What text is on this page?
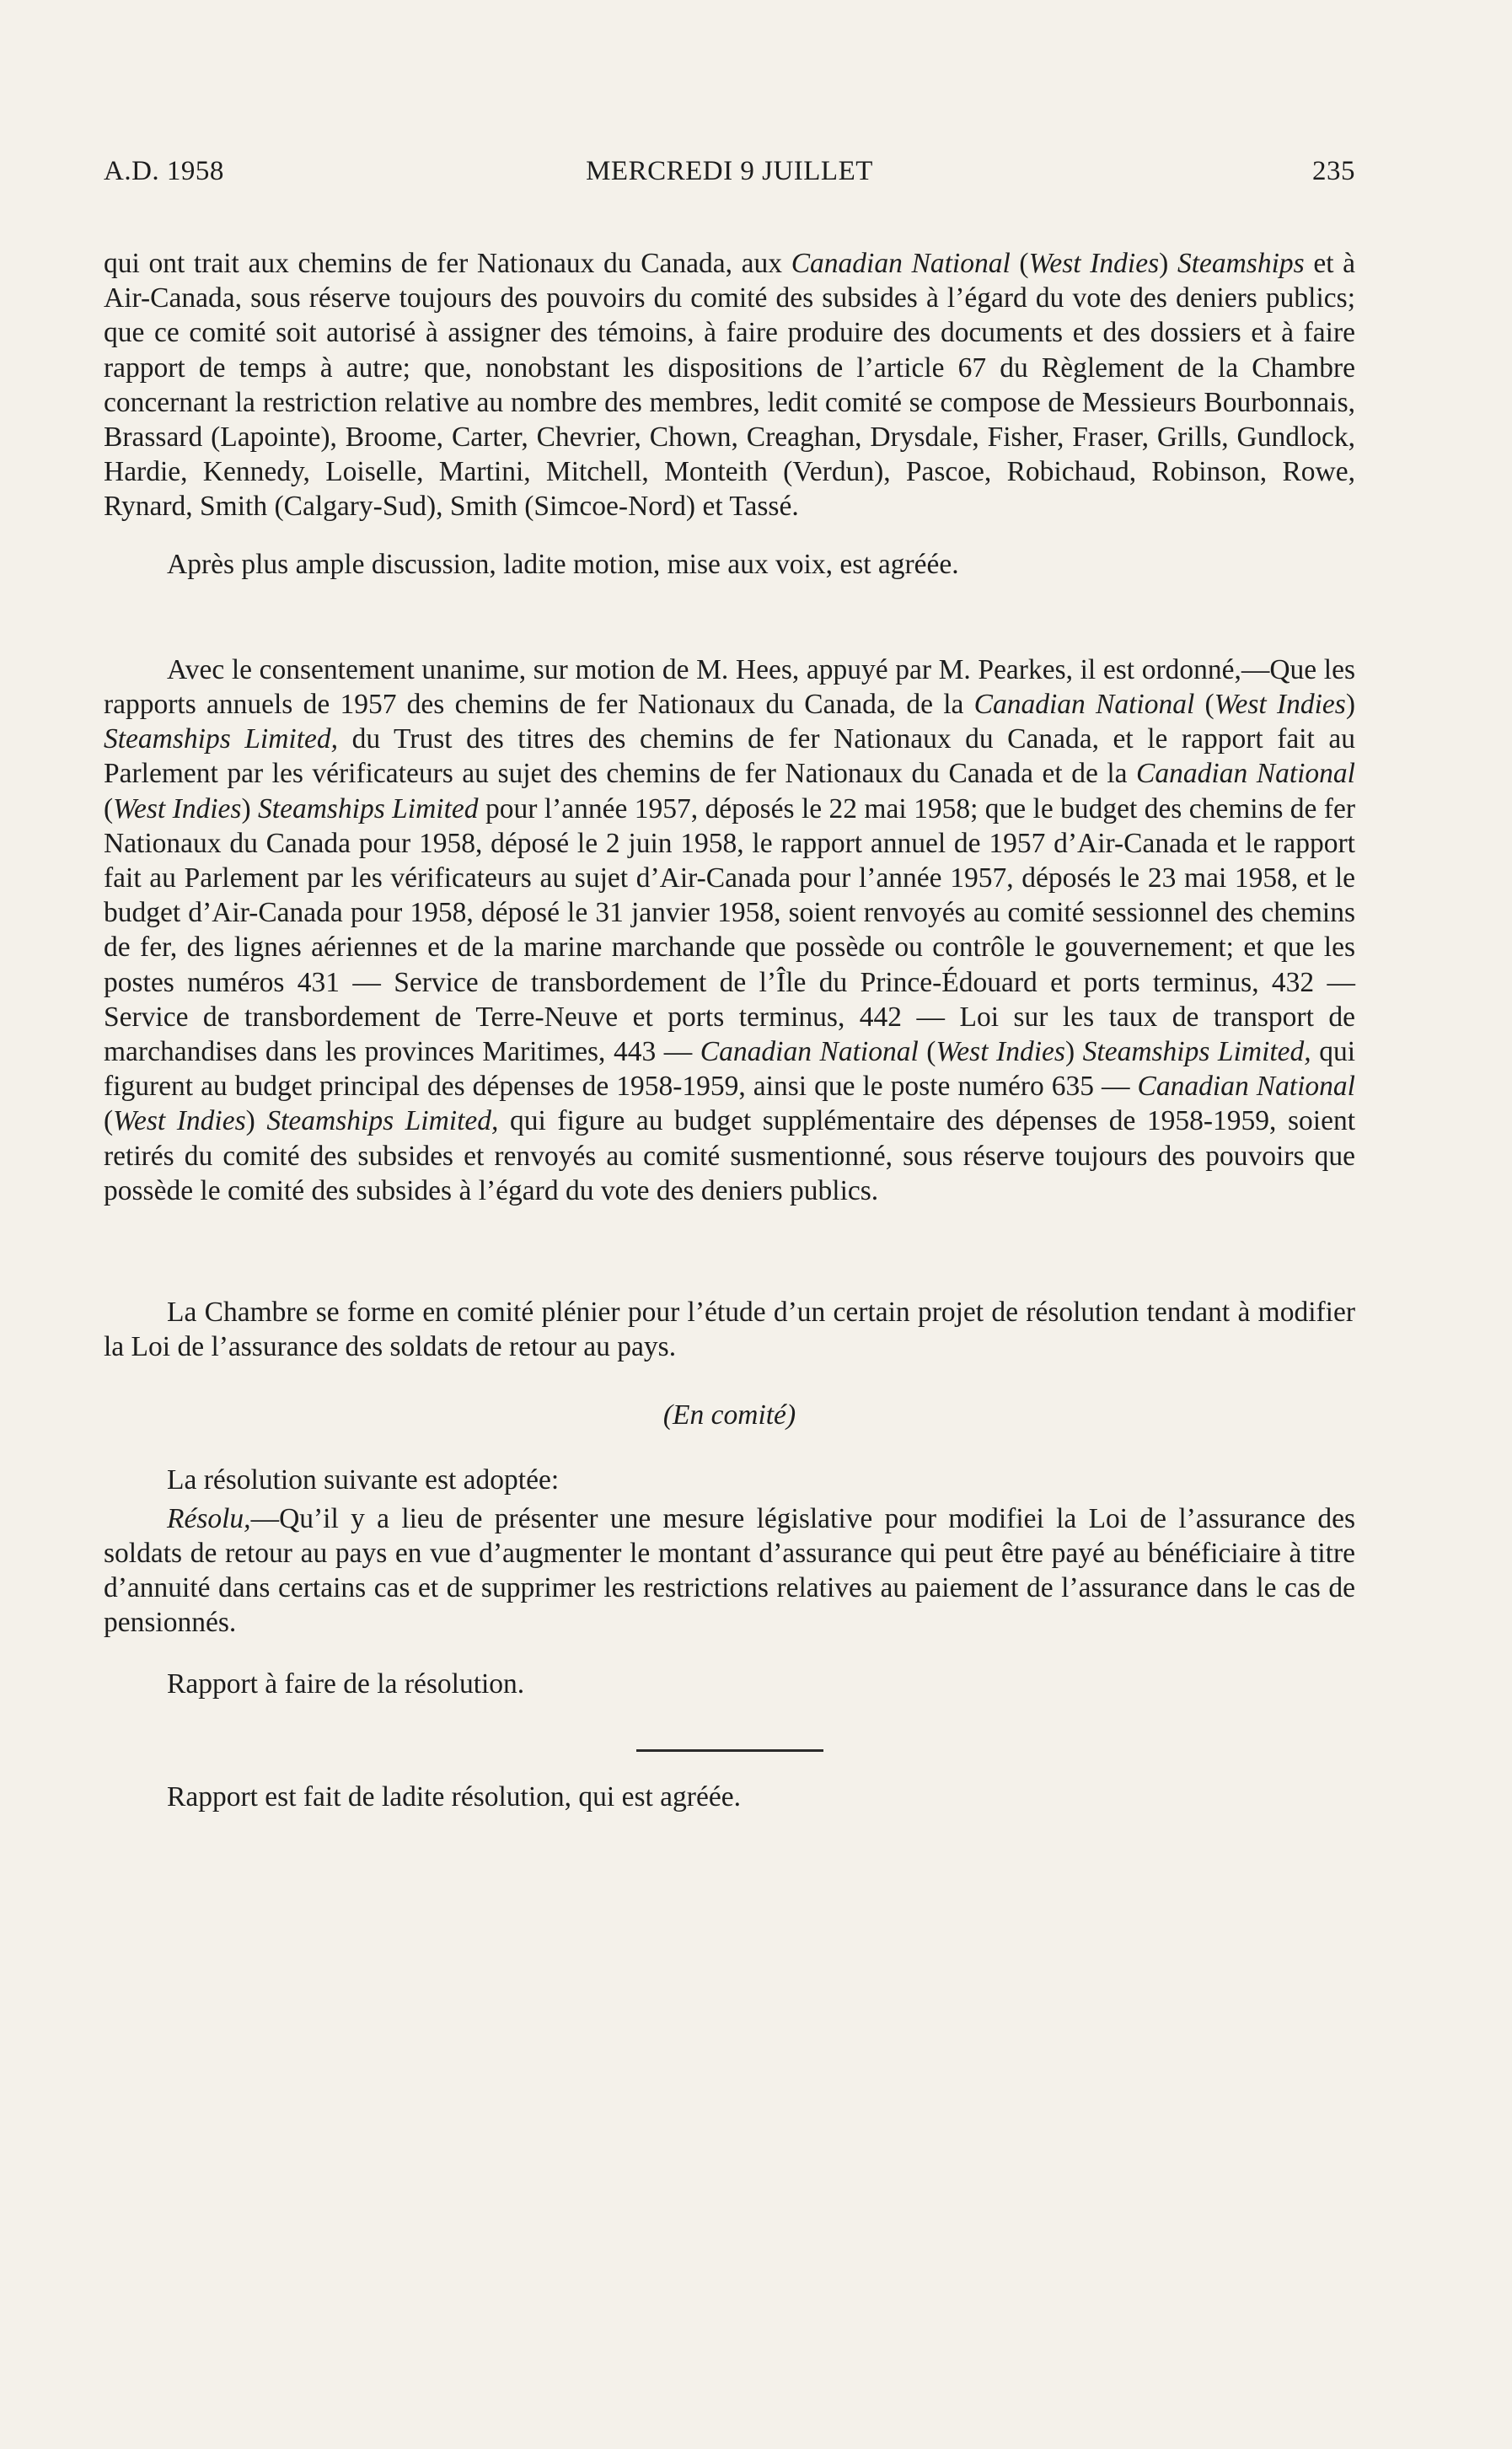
A.D. 1958	MERCREDI 9 JUILLET	235

qui ont trait aux chemins de fer Nationaux du Canada, aux Canadian National (West Indies) Steamships et à Air-Canada, sous réserve toujours des pouvoirs du comité des subsides à l’égard du vote des deniers publics; que ce comité soit autorisé à assigner des témoins, à faire produire des documents et des dossiers et à faire rapport de temps à autre; que, nonobstant les dispositions de l’article 67 du Règlement de la Chambre concernant la restriction relative au nombre des membres, ledit comité se compose de Messieurs Bourbonnais, Brassard (Lapointe), Broome, Carter, Chevrier, Chown, Creaghan, Drysdale, Fisher, Fraser, Grills, Gundlock, Hardie, Kennedy, Loiselle, Martini, Mitchell, Monteith (Verdun), Pascoe, Robichaud, Robinson, Rowe, Rynard, Smith (Calgary-Sud), Smith (Simcoe-Nord) et Tassé.

Après plus ample discussion, ladite motion, mise aux voix, est agréée.

Avec le consentement unanime, sur motion de M. Hees, appuyé par M. Pearkes, il est ordonné,—Que les rapports annuels de 1957 des chemins de fer Nationaux du Canada, de la Canadian National (West Indies) Steamships Limited, du Trust des titres des chemins de fer Nationaux du Canada, et le rapport fait au Parlement par les vérificateurs au sujet des chemins de fer Nationaux du Canada et de la Canadian National (West Indies) Steamships Limited pour l’année 1957, déposés le 22 mai 1958; que le budget des chemins de fer Nationaux du Canada pour 1958, déposé le 2 juin 1958, le rapport annuel de 1957 d’Air-Canada et le rapport fait au Parlement par les vérificateurs au sujet d’Air-Canada pour l’année 1957, déposés le 23 mai 1958, et le budget d’Air-Canada pour 1958, déposé le 31 janvier 1958, soient renvoyés au comité sessionnel des chemins de fer, des lignes aériennes et de la marine marchande que possède ou contrôle le gouvernement; et que les postes numéros 431 — Service de transbordement de l’Île du Prince-Édouard et ports terminus, 432 — Service de transbordement de Terre-Neuve et ports terminus, 442 — Loi sur les taux de transport de marchandises dans les provinces Maritimes, 443 — Canadian National (West Indies) Steamships Limited, qui figurent au budget principal des dépenses de 1958-1959, ainsi que le poste numéro 635 — Canadian National (West Indies) Steamships Limited, qui figure au budget supplémentaire des dépenses de 1958-1959, soient retirés du comité des subsides et renvoyés au comité susmentionné, sous réserve toujours des pouvoirs que possède le comité des subsides à l’égard du vote des deniers publics.

La Chambre se forme en comité plénier pour l’étude d’un certain projet de résolution tendant à modifier la Loi de l’assurance des soldats de retour au pays.

(En comité)

La résolution suivante est adoptée:

Résolu,—Qu’il y a lieu de présenter une mesure législative pour modifiei la Loi de l’assurance des soldats de retour au pays en vue d’augmenter le montant d’assurance qui peut être payé au bénéficiaire à titre d’annuité dans certains cas et de supprimer les restrictions relatives au paiement de l’assurance dans le cas de pensionnés.

Rapport à faire de la résolution.

Rapport est fait de ladite résolution, qui est agréée.
